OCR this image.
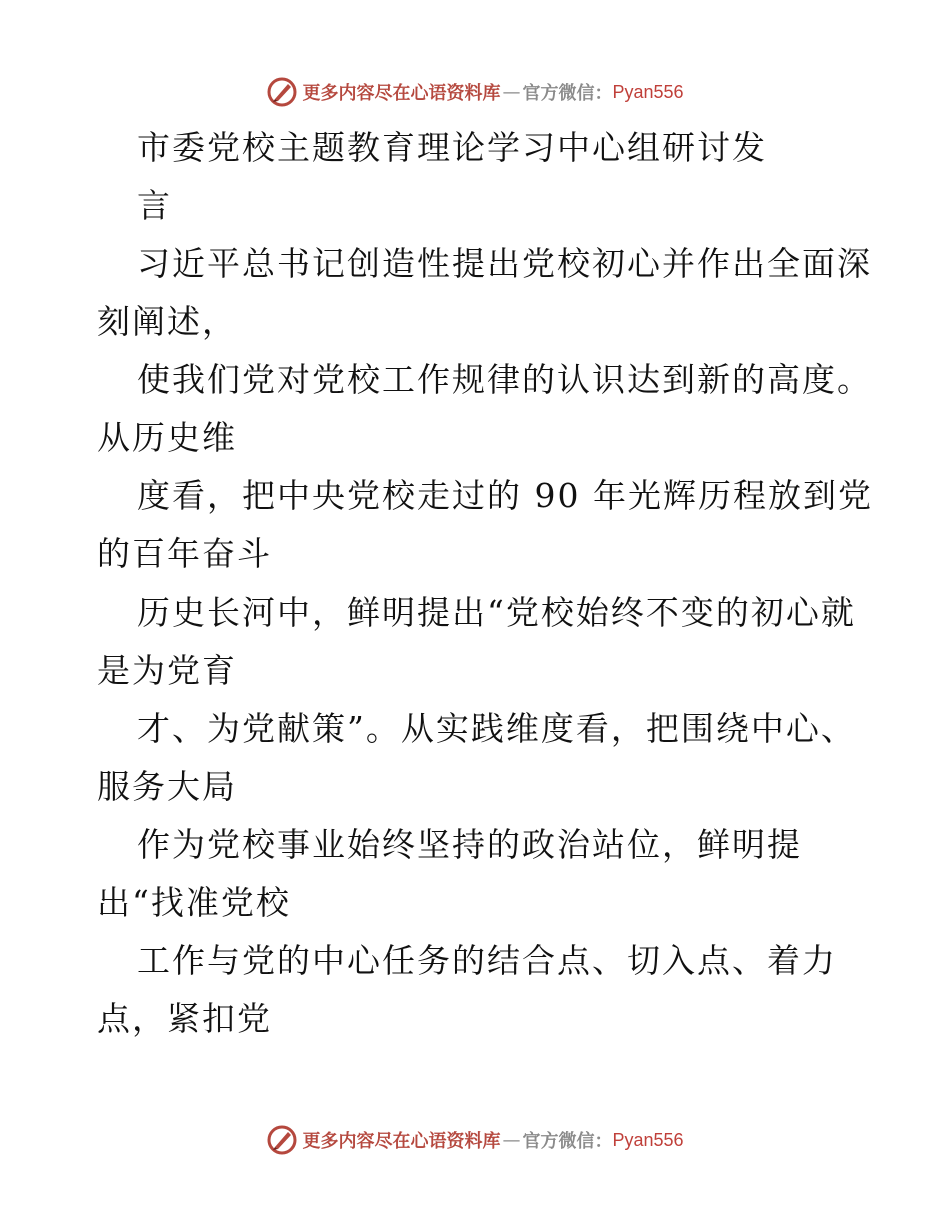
更多内容尽在心语资料库 — 官方微信： Pyan556
市委党校主题教育理论学习中心组研讨发
言
习近平总书记创造性提出党校初心并作出全面深
刻阐述，
使我们党对党校工作规律的认识达到新的高度。
从历史维
度看，把中央党校走过的 90 年光辉历程放到党
的百年奋斗
历史长河中，鲜明提出“党校始终不变的初心就
是为党育
才、为党献策”。从实践维度看，把围绕中心、
服务大局
作为党校事业始终坚持的政治站位，鲜明提
出“找准党校
工作与党的中心任务的结合点、切入点、着力
点，紧扣党
更多内容尽在心语资料库 — 官方微信： Pyan556
